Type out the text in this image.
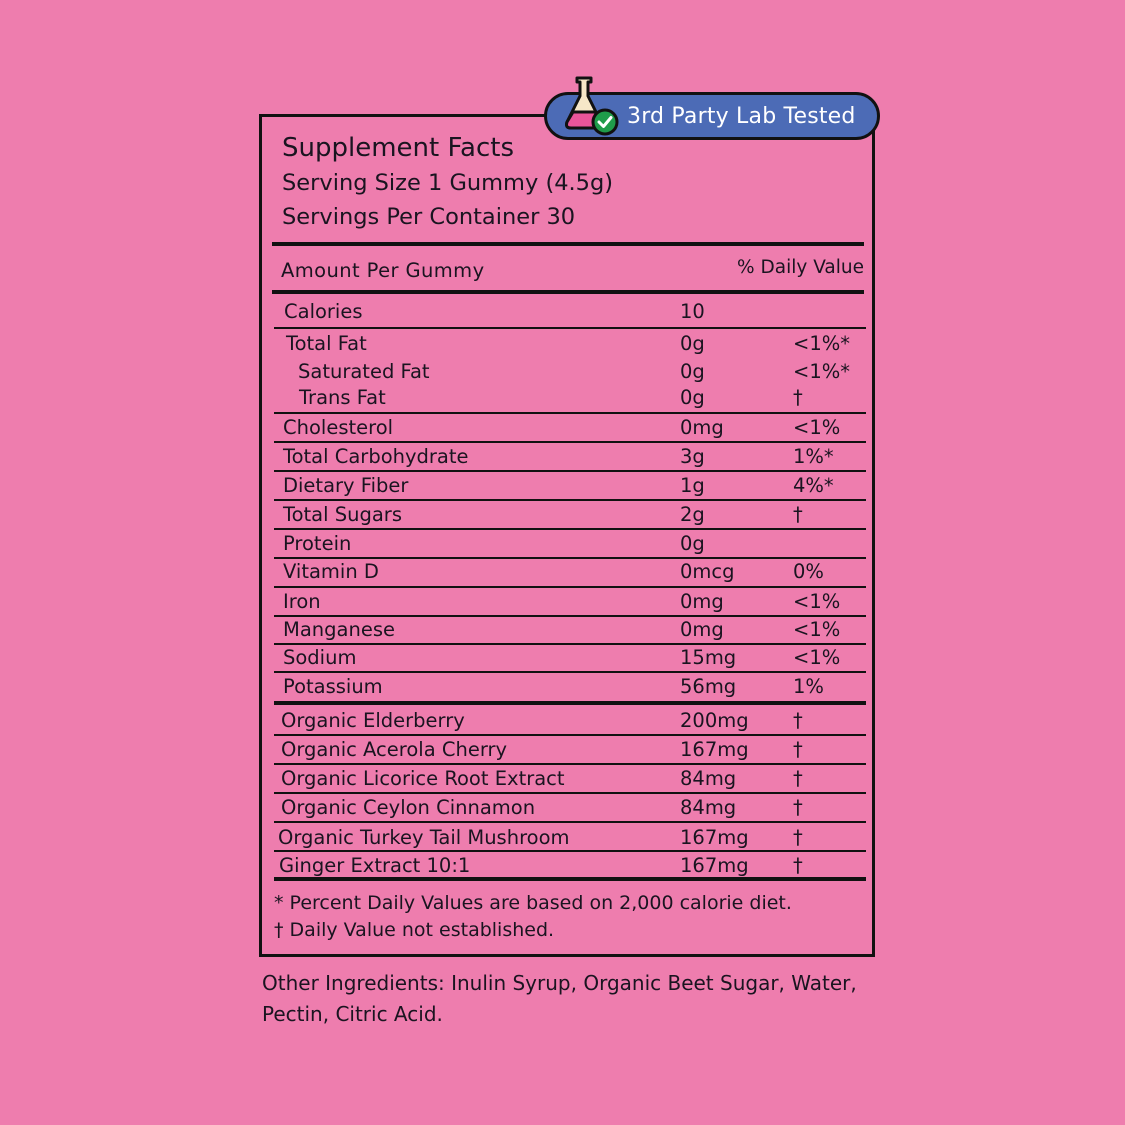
3rd Party Lab Tested
Supplement Facts
Serving Size 1 Gummy (4.5g)
Servings Per Container 30
Amount Per Gummy	% Daily Value
Calories	10
Total Fat	0g	<1%*
Saturated Fat	0g	<1%*
Trans Fat	0g	†
Cholesterol	0mg	<1%
Total Carbohydrate	3g	1%*
Dietary Fiber	1g	4%*
Total Sugars	2g	†
Protein	0g
Vitamin D	0mcg	0%
Iron	0mg	<1%
Manganese	0mg	<1%
Sodium	15mg	<1%
Potassium	56mg	1%
Organic Elderberry	200mg †
Organic Acerola Cherry	167mg †
Organic Licorice Root Extract	84mg	†
Organic Ceylon Cinnamon	84mg	†
Organic Turkey Tail Mushroom	167mg †
Ginger Extract 10:1	167mg †
* Percent Daily Values are based on 2,000 calorie diet.
† Daily Value not established.
Other Ingredients: Inulin Syrup, Organic Beet Sugar, Water, Pectin, Citric Acid.
